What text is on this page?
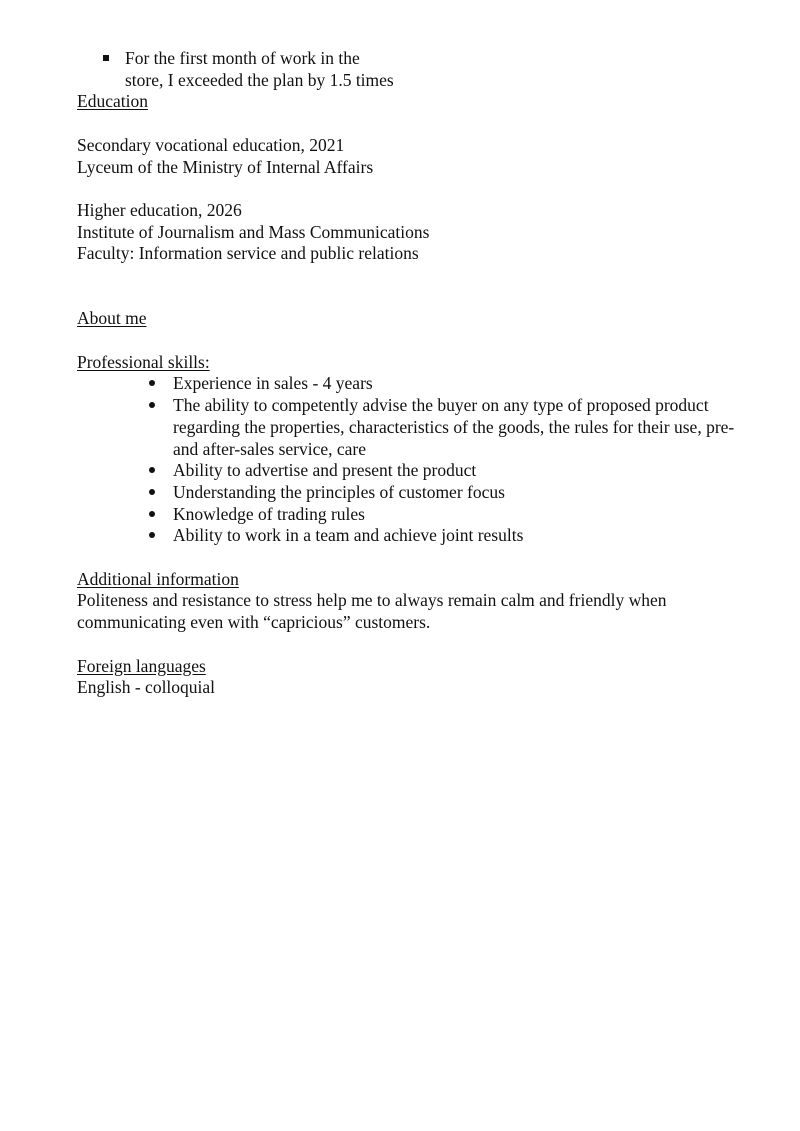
For the first month of work in the store, I exceeded the plan by 1.5 times

Education

Secondary vocational education, 2021

Lyceum of the Ministry of Internal Affairs

Higher education, 2026

Institute of Journalism and Mass Communications

Faculty: Information service and public relations

About me

Professional skills:

Experience in sales - 4 years
The ability to competently advise the buyer on any type of proposed product regarding the properties, characteristics of the goods, the rules for their use, pre- and after-sales service, care
Ability to advertise and present the product
Understanding the principles of customer focus
Knowledge of trading rules
Ability to work in a team and achieve joint results

Additional information

Politeness and resistance to stress help me to always remain calm and friendly when communicating even with “capricious” customers.

Foreign languages

English - colloquial
